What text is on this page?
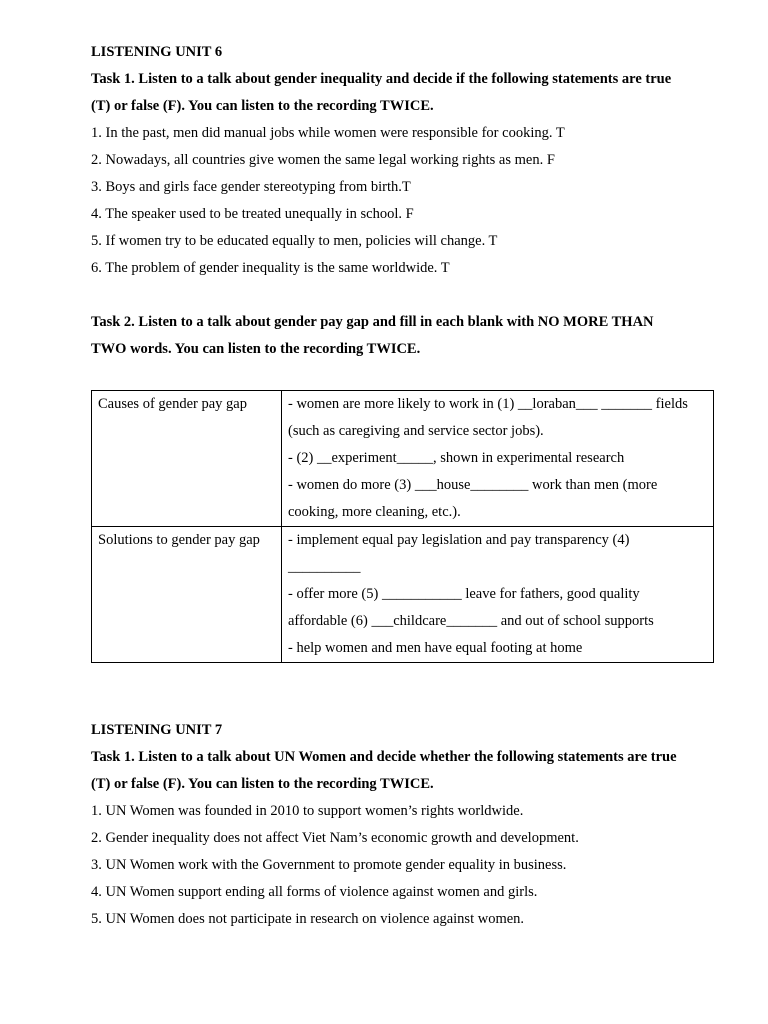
LISTENING UNIT 6
Task 1. Listen to a talk about gender inequality and decide if the following statements are true
(T) or false (F). You can listen to the recording TWICE.
1. In the past, men did manual jobs while women were responsible for cooking. T
2. Nowadays, all countries give women the same legal working rights as men. F
3. Boys and girls face gender stereotyping from birth.T
4. The speaker used to be treated unequally in school. F
5. If women try to be educated equally to men, policies will change. T
6. The problem of gender inequality is the same worldwide. T
Task 2. Listen to a talk about gender pay gap and fill in each blank with NO MORE THAN
TWO words. You can listen to the recording TWICE.
Causes of gender pay gap	- women are more likely to work in (1) __loraban___ _______ fields
(such as caregiving and service sector jobs).
- (2) __experiment_____, shown in experimental research
- women do more (3) ___house________ work than men (more
cooking, more cleaning, etc.).

Solutions to gender pay gap	- implement equal pay legislation and pay transparency (4)
__________
- offer more (5) ___________ leave for fathers, good quality
affordable (6) ___childcare_______ and out of school supports
- help women and men have equal footing at home
LISTENING UNIT 7
Task 1. Listen to a talk about UN Women and decide whether the following statements are true
(T) or false (F). You can listen to the recording TWICE.
1. UN Women was founded in 2010 to support women’s rights worldwide.
2. Gender inequality does not affect Viet Nam’s economic growth and development.
3. UN Women work with the Government to promote gender equality in business.
4. UN Women support ending all forms of violence against women and girls.
5. UN Women does not participate in research on violence against women.
